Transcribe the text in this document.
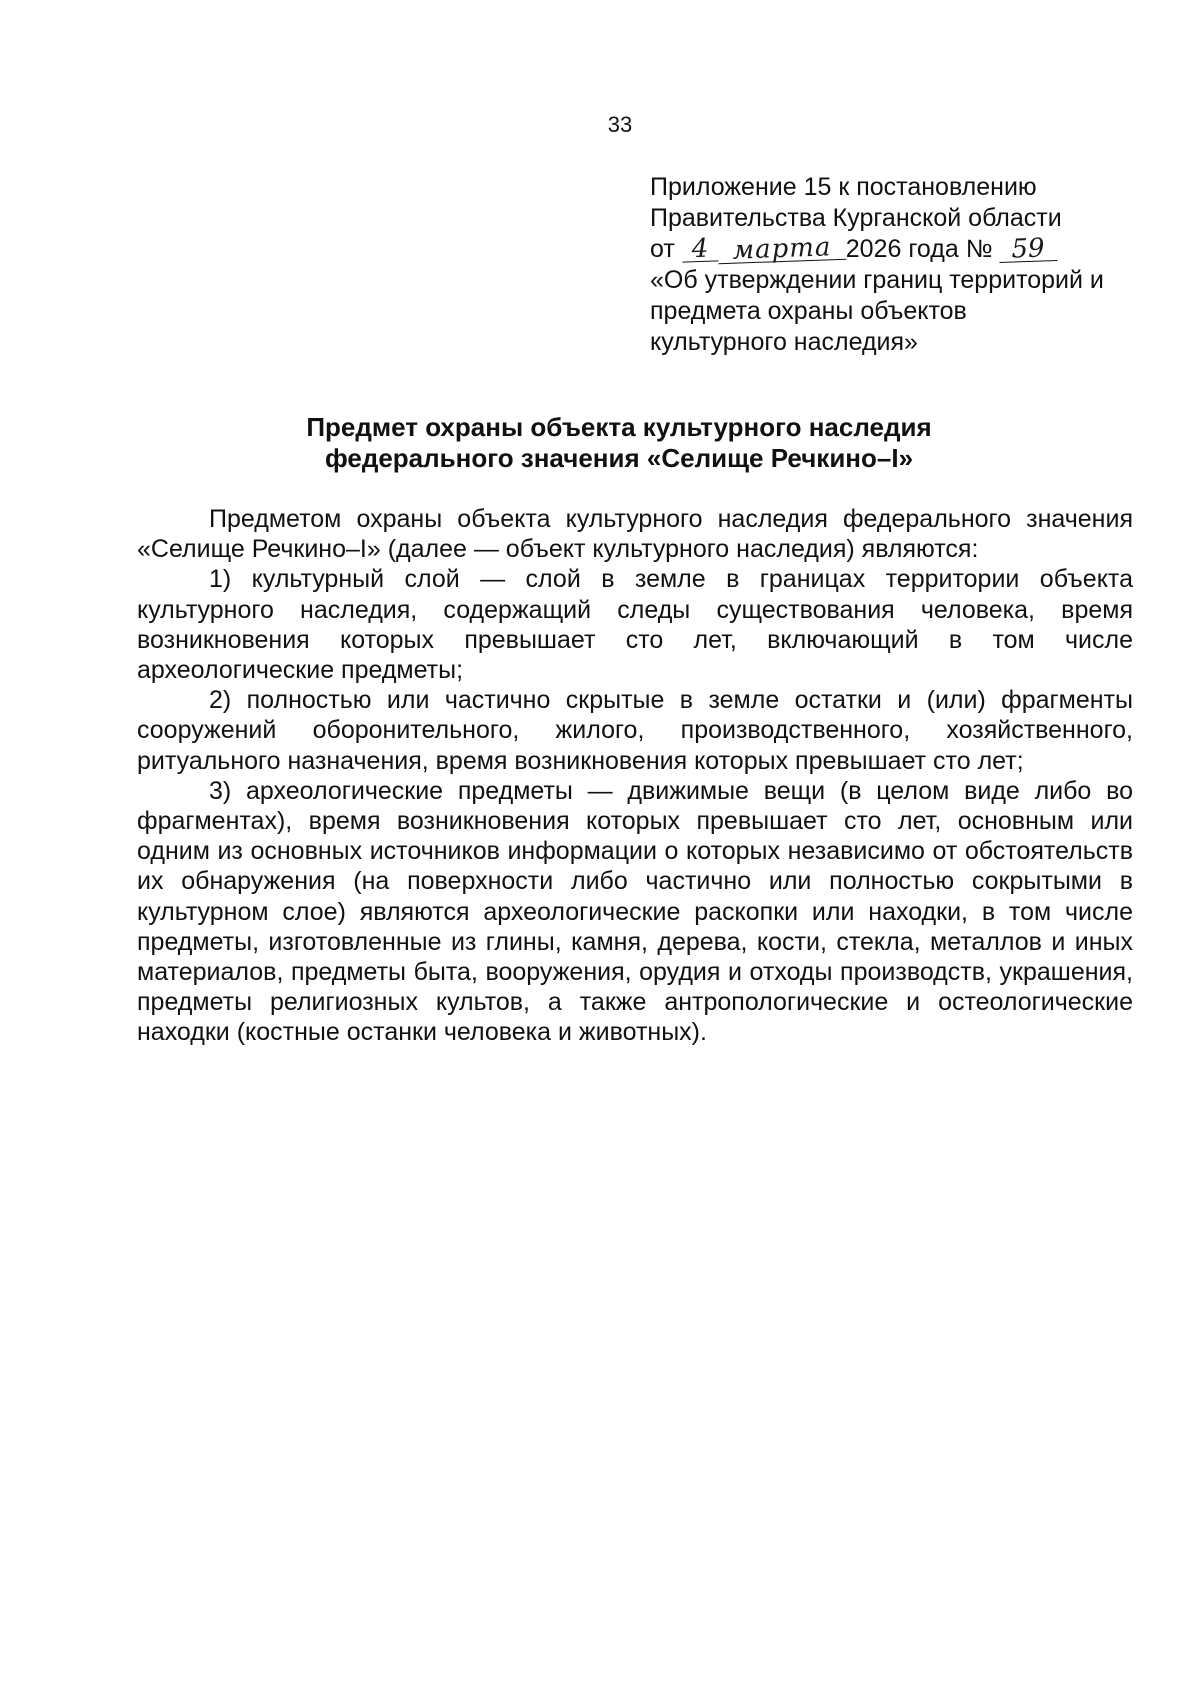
33
Приложение 15 к постановлению
Правительства Курганской области
от 4 марта 2026 года № 59
«Об утверждении границ территорий и
предмета охраны объектов
культурного наследия»
Предмет охраны объекта культурного наследия
федерального значения «Селище Речкино–I»

Предметом охраны объекта культурного наследия федерального значения «Селище Речкино–I» (далее — объект культурного наследия) являются:

1) культурный слой — слой в земле в границах территории объекта культурного наследия, содержащий следы существования человека, время возникновения которых превышает сто лет, включающий в том числе археологические предметы;

2) полностью или частично скрытые в земле остатки и (или) фрагменты сооружений оборонительного, жилого, производственного, хозяйственного, ритуального назначения, время возникновения которых превышает сто лет;

3) археологические предметы — движимые вещи (в целом виде либо во фрагментах), время возникновения которых превышает сто лет, основным или одним из основных источников информации о которых независимо от обстоятельств их обнаружения (на поверхности либо частично или полностью сокрытыми в культурном слое) являются археологические раскопки или находки, в том числе предметы, изготовленные из глины, камня, дерева, кости, стекла, металлов и иных материалов, предметы быта, вооружения, орудия и отходы производств, украшения, предметы религиозных культов, а также антропологические и остеологические находки (костные останки человека и животных).
